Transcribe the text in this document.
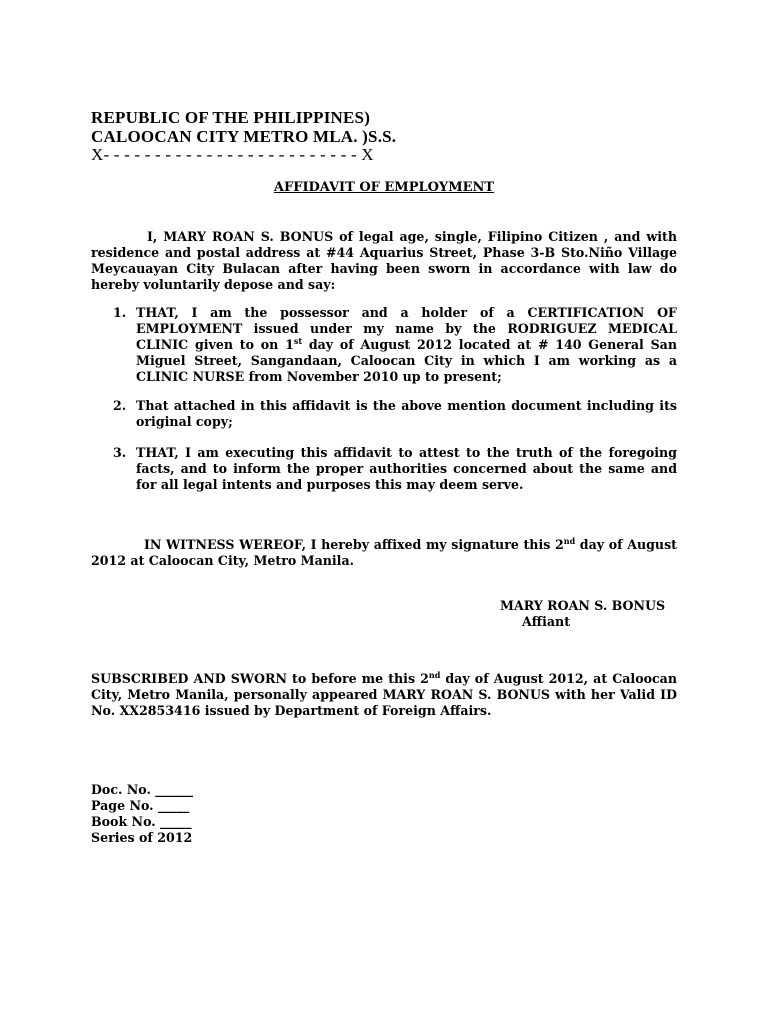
REPUBLIC OF THE PHILIPPINES)
CALOOCAN CITY METRO MLA. )S.S.
X- - - - - - - - - - - - - - - - - - - - - - - - - X
AFFIDAVIT OF EMPLOYMENT
I, MARY ROAN S. BONUS of legal age, single, Filipino Citizen , and with residence and postal address at #44 Aquarius Street, Phase 3-B Sto.Niño Village Meycauayan City Bulacan after having been sworn in accordance with law do hereby voluntarily depose and say:
1. THAT, I am the possessor and a holder of a CERTIFICATION OF EMPLOYMENT issued under my name by the RODRIGUEZ MEDICAL CLINIC given to on 1st day of August 2012 located at # 140 General San Miguel Street, Sangandaan, Caloocan City in which I am working as a CLINIC NURSE from November 2010 up to present;
2. That attached in this affidavit is the above mention document including its original copy;
3. THAT, I am executing this affidavit to attest to the truth of the foregoing facts, and to inform the proper authorities concerned about the same and for all legal intents and purposes this may deem serve.
IN WITNESS WEREOF, I hereby affixed my signature this 2nd day of August 2012 at Caloocan City, Metro Manila.
MARY ROAN S. BONUS
Affiant
SUBSCRIBED AND SWORN to before me this 2nd day of August 2012, at Caloocan City, Metro Manila, personally appeared MARY ROAN S. BONUS with her Valid ID No. XX2853416 issued by Department of Foreign Affairs.
Doc. No. ______
Page No. _____
Book No. _____
Series of 2012
